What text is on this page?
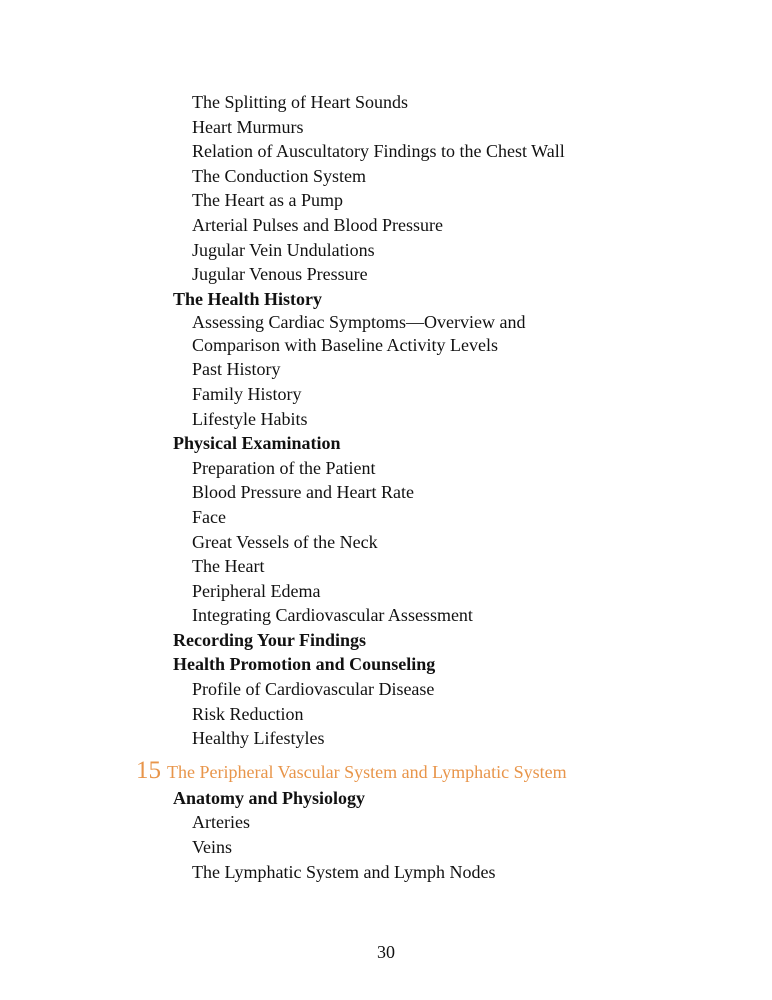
The Splitting of Heart Sounds
Heart Murmurs
Relation of Auscultatory Findings to the Chest Wall
The Conduction System
The Heart as a Pump
Arterial Pulses and Blood Pressure
Jugular Vein Undulations
Jugular Venous Pressure
The Health History
Assessing Cardiac Symptoms—Overview and
Comparison with Baseline Activity Levels
Past History
Family History
Lifestyle Habits
Physical Examination
Preparation of the Patient
Blood Pressure and Heart Rate
Face
Great Vessels of the Neck
The Heart
Peripheral Edema
Integrating Cardiovascular Assessment
Recording Your Findings
Health Promotion and Counseling
Profile of Cardiovascular Disease
Risk Reduction
Healthy Lifestyles
15 The Peripheral Vascular System and Lymphatic System
Anatomy and Physiology
Arteries
Veins
The Lymphatic System and Lymph Nodes
30
